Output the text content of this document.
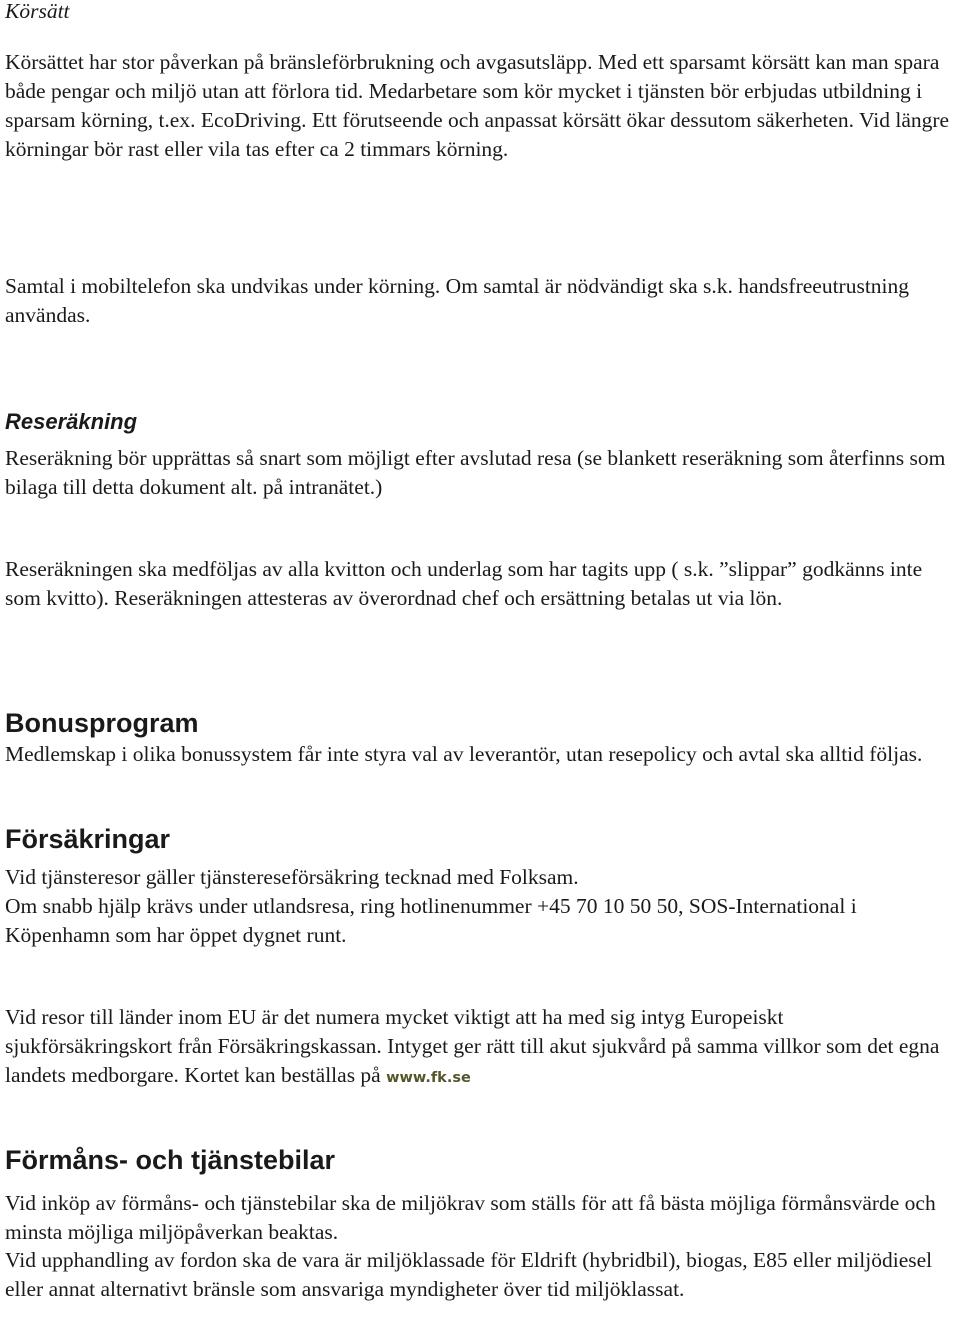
Körsätt

Körsättet har stor påverkan på bränsleförbrukning och avgasutsläpp. Med ett sparsamt körsätt kan man spara både pengar och miljö utan att förlora tid. Medarbetare som kör mycket i tjänsten bör erbjudas utbildning i sparsam körning, t.ex. EcoDriving. Ett förutseende och anpassat körsätt ökar dessutom säkerheten. Vid längre körningar bör rast eller vila tas efter ca 2 timmars körning.

Samtal i mobiltelefon ska undvikas under körning. Om samtal är nödvändigt ska s.k. handsfreeutrustning användas.

Reseräkning

Reseräkning bör upprättas så snart som möjligt efter avslutad resa (se blankett reseräkning som återfinns som bilaga till detta dokument alt. på intranätet.)

Reseräkningen ska medföljas av alla kvitton och underlag som har tagits upp ( s.k. ”slippar” godkänns inte som kvitto). Reseräkningen attesteras av överordnad chef och ersättning betalas ut via lön.

Bonusprogram

Medlemskap i olika bonussystem får inte styra val av leverantör, utan resepolicy och avtal ska alltid följas.

Försäkringar

Vid tjänsteresor gäller tjänstereseförsäkring tecknad med Folksam.

Om snabb hjälp krävs under utlandsresa, ring hotlinenummer +45 70 10 50 50, SOS-International i Köpenhamn som har öppet dygnet runt.

Vid resor till länder inom EU är det numera mycket viktigt att ha med sig intyg Europeiskt sjukförsäkringskort från Försäkringskassan. Intyget ger rätt till akut sjukvård på samma villkor som det egna landets medborgare. Kortet kan beställas på www.fk.se

Förmåns- och tjänstebilar

Vid inköp av förmåns- och tjänstebilar ska de miljökrav som ställs för att få bästa möjliga förmånsvärde och minsta möjliga miljöpåverkan beaktas.

Vid upphandling av fordon ska de vara är miljöklassade för Eldrift (hybridbil), biogas, E85 eller miljödiesel eller annat alternativt bränsle som ansvariga myndigheter över tid miljöklassat.
